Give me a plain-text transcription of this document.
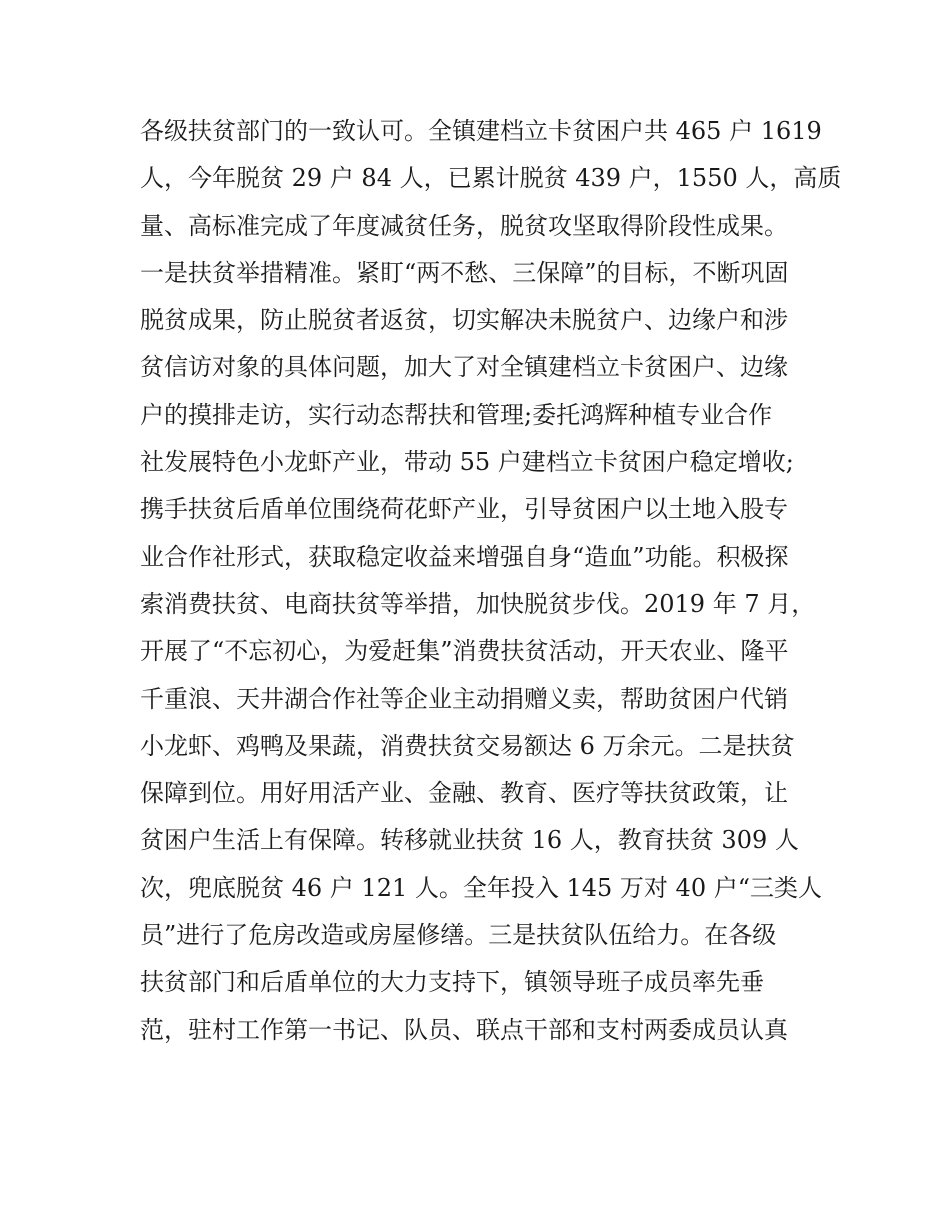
各级扶贫部门的一致认可。全镇建档立卡贫困户共 465 户 1619
人，今年脱贫 29 户 84 人，已累计脱贫 439 户，1550 人，高质
量、高标准完成了年度减贫任务，脱贫攻坚取得阶段性成果。
一是扶贫举措精准。紧盯“两不愁、三保障”的目标，不断巩固
脱贫成果，防止脱贫者返贫，切实解决未脱贫户、边缘户和涉
贫信访对象的具体问题，加大了对全镇建档立卡贫困户、边缘
户的摸排走访，实行动态帮扶和管理;委托鸿辉种植专业合作
社发展特色小龙虾产业，带动 55 户建档立卡贫困户稳定增收;
携手扶贫后盾单位围绕荷花虾产业，引导贫困户以土地入股专
业合作社形式，获取稳定收益来增强自身“造血”功能。积极探
索消费扶贫、电商扶贫等举措，加快脱贫步伐。2019 年 7 月，
开展了“不忘初心，为爱赶集”消费扶贫活动，开天农业、隆平
千重浪、天井湖合作社等企业主动捐赠义卖，帮助贫困户代销
小龙虾、鸡鸭及果蔬，消费扶贫交易额达 6 万余元。二是扶贫
保障到位。用好用活产业、金融、教育、医疗等扶贫政策，让
贫困户生活上有保障。转移就业扶贫 16 人，教育扶贫 309 人
次，兜底脱贫 46 户 121 人。全年投入 145 万对 40 户“三类人
员”进行了危房改造或房屋修缮。三是扶贫队伍给力。在各级
扶贫部门和后盾单位的大力支持下，镇领导班子成员率先垂
范，驻村工作第一书记、队员、联点干部和支村两委成员认真
